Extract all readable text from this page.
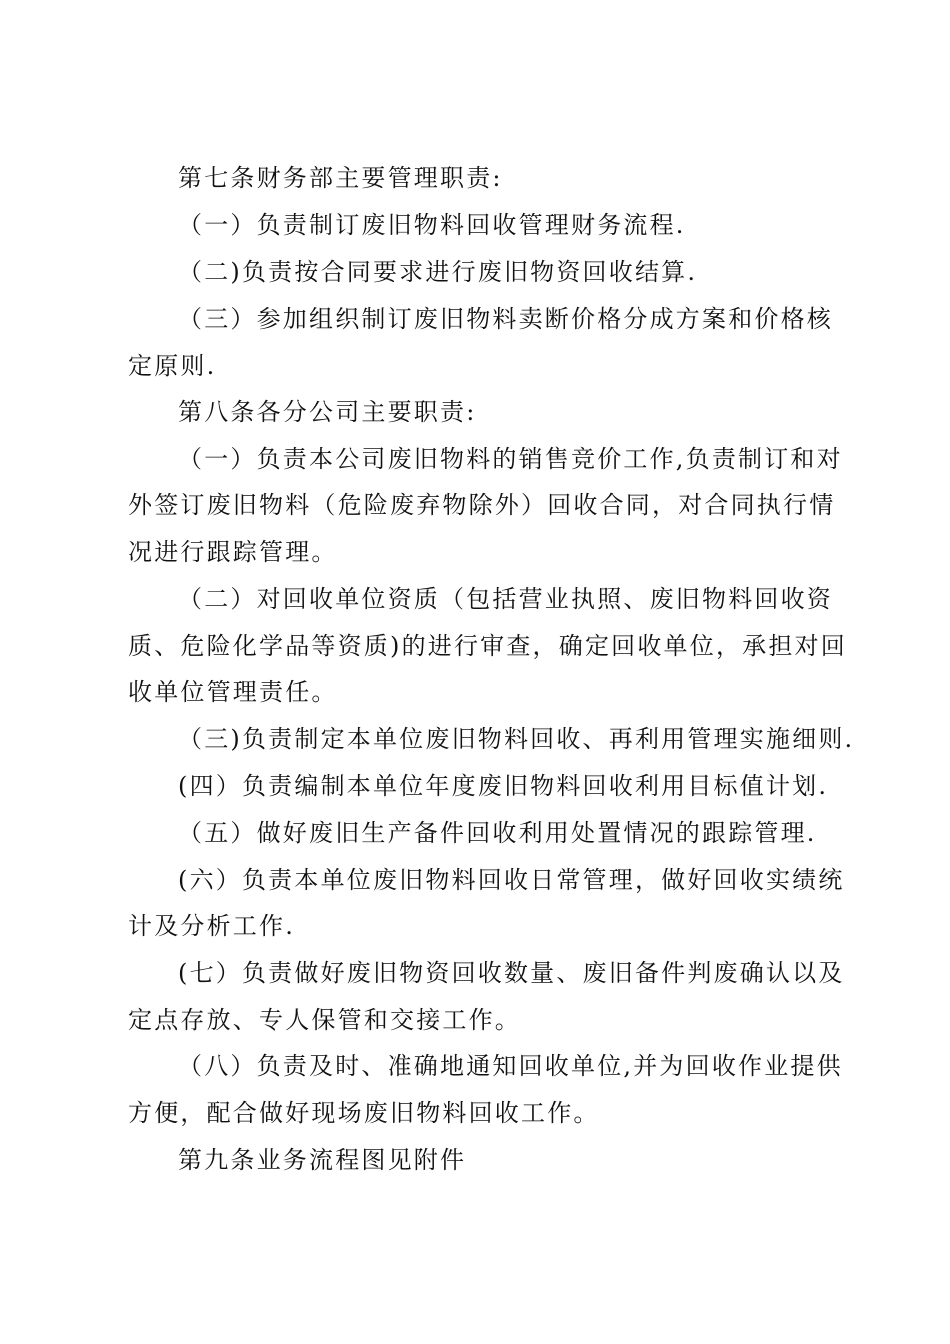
第七条财务部主要管理职责:
（一）负责制订废旧物料回收管理财务流程.
（二)负责按合同要求进行废旧物资回收结算.
（三）参加组织制订废旧物料卖断价格分成方案和价格核
定原则.
第八条各分公司主要职责:
（一）负责本公司废旧物料的销售竞价工作,负责制订和对
外签订废旧物料（危险废弃物除外）回收合同，对合同执行情
况进行跟踪管理。
（二）对回收单位资质（包括营业执照、废旧物料回收资
质、危险化学品等资质)的进行审查，确定回收单位，承担对回
收单位管理责任。
（三)负责制定本单位废旧物料回收、再利用管理实施细则.
(四）负责编制本单位年度废旧物料回收利用目标值计划.
（五）做好废旧生产备件回收利用处置情况的跟踪管理.
(六）负责本单位废旧物料回收日常管理，做好回收实绩统
计及分析工作.
(七）负责做好废旧物资回收数量、废旧备件判废确认以及
定点存放、专人保管和交接工作。
（八）负责及时、准确地通知回收单位,并为回收作业提供
方便，配合做好现场废旧物料回收工作。
第九条业务流程图见附件
